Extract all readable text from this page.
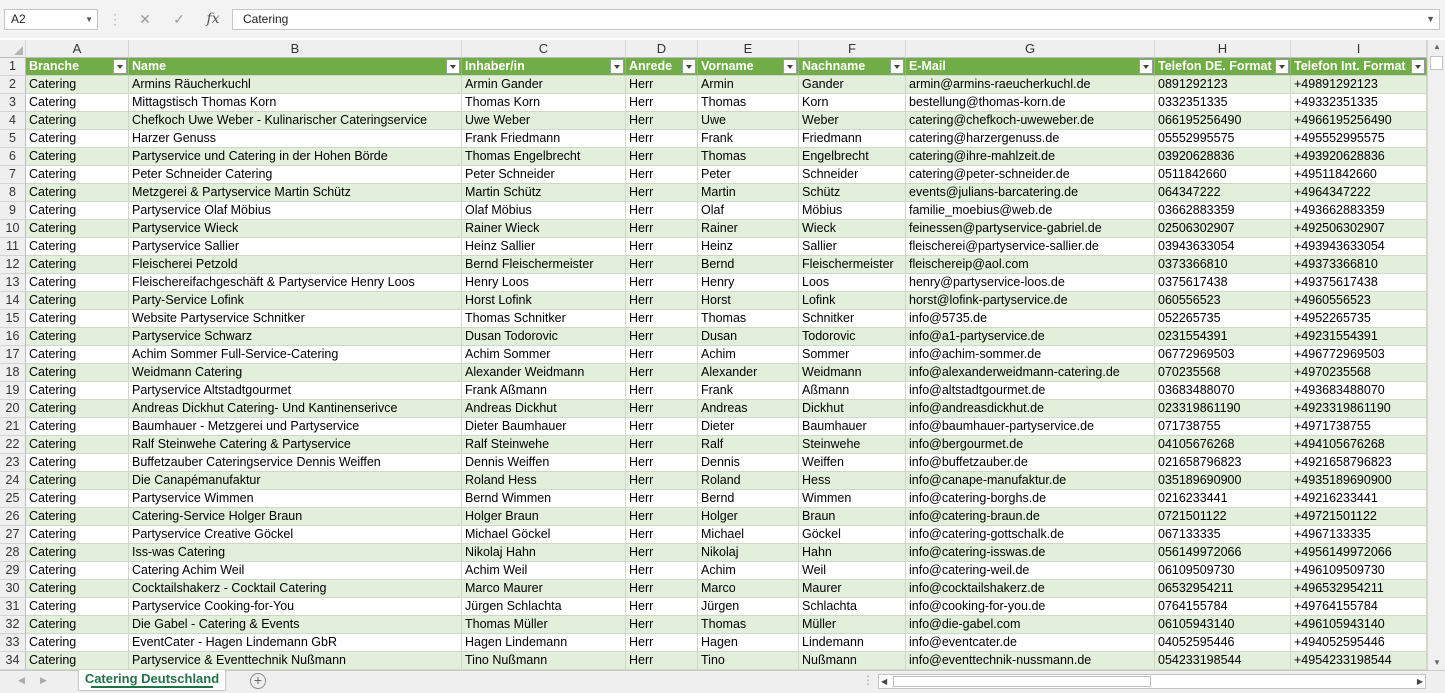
A2	▼ ⋮ ✕ ✓	fx	Catering	▼
A	B	C	D	E	F	G	H	I
1	Branche	Name	Inhaber/in	Anrede	Vorname	Nachname	E-Mail	Telefon DE. Format	Telefon Int. Format
2	Catering	Armins Räucherkuchl	Armin Gander	Herr	Armin	Gander	armin@armins-raeucherkuchl.de	0891292123	+49891292123
3	Catering	Mittagstisch Thomas Korn	Thomas Korn	Herr	Thomas	Korn	bestellung@thomas-korn.de	0332351335	+49332351335
4	Catering	Chefkoch Uwe Weber - Kulinarischer Cateringservice	Uwe Weber	Herr	Uwe	Weber	catering@chefkoch-uweweber.de	066195256490	+4966195256490
5	Catering	Harzer Genuss	Frank Friedmann	Herr	Frank	Friedmann	catering@harzergenuss.de	05552995575	+495552995575
6	Catering	Partyservice und Catering in der Hohen Börde	Thomas Engelbrecht	Herr	Thomas	Engelbrecht	catering@ihre-mahlzeit.de	03920628836	+493920628836
7	Catering	Peter Schneider Catering	Peter Schneider	Herr	Peter	Schneider	catering@peter-schneider.de	0511842660	+49511842660
8	Catering	Metzgerei & Partyservice Martin Schütz	Martin Schütz	Herr	Martin	Schütz	events@julians-barcatering.de	064347222	+4964347222
9	Catering	Partyservice Olaf Möbius	Olaf Möbius	Herr	Olaf	Möbius	familie_moebius@web.de	03662883359	+493662883359
10 Catering	Partyservice Wieck	Rainer Wieck	Herr	Rainer	Wieck	feinessen@partyservice-gabriel.de	02506302907	+492506302907
11 Catering	Partyservice Sallier	Heinz Sallier	Herr	Heinz	Sallier	fleischerei@partyservice-sallier.de	03943633054	+493943633054
12 Catering	Fleischerei Petzold	Bernd Fleischermeister	Herr	Bernd	Fleischermeister	fleischereip@aol.com	0373366810	+49373366810
13 Catering	Fleischereifachgeschäft & Partyservice Henry Loos	Henry Loos	Herr	Henry	Loos	henry@partyservice-loos.de	0375617438	+49375617438
14 Catering	Party-Service Lofink	Horst Lofink	Herr	Horst	Lofink	horst@lofink-partyservice.de	060556523	+4960556523
15 Catering	Website Partyservice Schnitker	Thomas Schnitker	Herr	Thomas	Schnitker	info@5735.de	052265735	+4952265735
16 Catering	Partyservice Schwarz	Dusan Todorovic	Herr	Dusan	Todorovic	info@a1-partyservice.de	0231554391	+49231554391
17 Catering	Achim Sommer Full-Service-Catering	Achim Sommer	Herr	Achim	Sommer	info@achim-sommer.de	06772969503	+496772969503
18 Catering	Weidmann Catering	Alexander Weidmann	Herr	Alexander	Weidmann	info@alexanderweidmann-catering.de	070235568	+4970235568
19 Catering	Partyservice Altstadtgourmet	Frank Aßmann	Herr	Frank	Aßmann	info@altstadtgourmet.de	03683488070	+493683488070
20 Catering	Andreas Dickhut Catering- Und Kantinenserivce	Andreas Dickhut	Herr	Andreas	Dickhut	info@andreasdickhut.de	023319861190	+4923319861190
21 Catering	Baumhauer - Metzgerei und Partyservice	Dieter Baumhauer	Herr	Dieter	Baumhauer	info@baumhauer-partyservice.de	071738755	+4971738755
22 Catering	Ralf Steinwehe Catering & Partyservice	Ralf Steinwehe	Herr	Ralf	Steinwehe	info@bergourmet.de	04105676268	+494105676268
23 Catering	Buffetzauber Cateringservice Dennis Weiffen	Dennis Weiffen	Herr	Dennis	Weiffen	info@buffetzauber.de	021658796823	+4921658796823
24 Catering	Die Canapémanufaktur	Roland Hess	Herr	Roland	Hess	info@canape-manufaktur.de	035189690900	+4935189690900
25 Catering	Partyservice Wimmen	Bernd Wimmen	Herr	Bernd	Wimmen	info@catering-borghs.de	0216233441	+49216233441
26 Catering	Catering-Service Holger Braun	Holger Braun	Herr	Holger	Braun	info@catering-braun.de	0721501122	+49721501122
27 Catering	Partyservice Creative Göckel	Michael Göckel	Herr	Michael	Göckel	info@catering-gottschalk.de	067133335	+4967133335
28 Catering	Iss-was Catering	Nikolaj Hahn	Herr	Nikolaj	Hahn	info@catering-isswas.de	056149972066	+4956149972066
29 Catering	Catering Achim Weil	Achim Weil	Herr	Achim	Weil	info@catering-weil.de	06109509730	+496109509730
30 Catering	Cocktailshakerz - Cocktail Catering	Marco Maurer	Herr	Marco	Maurer	info@cocktailshakerz.de	06532954211	+496532954211
31 Catering	Partyservice Cooking-for-You	Jürgen Schlachta	Herr	Jürgen	Schlachta	info@cooking-for-you.de	0764155784	+49764155784
32 Catering	Die Gabel - Catering & Events	Thomas Müller	Herr	Thomas	Müller	info@die-gabel.com	06105943140	+496105943140
33 Catering	EventCater - Hagen Lindemann GbR	Hagen Lindemann	Herr	Hagen	Lindemann	info@eventcater.de	04052595446	+494052595446
34 Catering	Partyservice & Eventtechnik Nußmann	Tino Nußmann	Herr	Tino	Nußmann	info@eventtechnik-nussmann.de	054233198544	+4954233198544
▲
▼
◀ ▶	Catering Deutschland	+	⋮ ◀	▶
